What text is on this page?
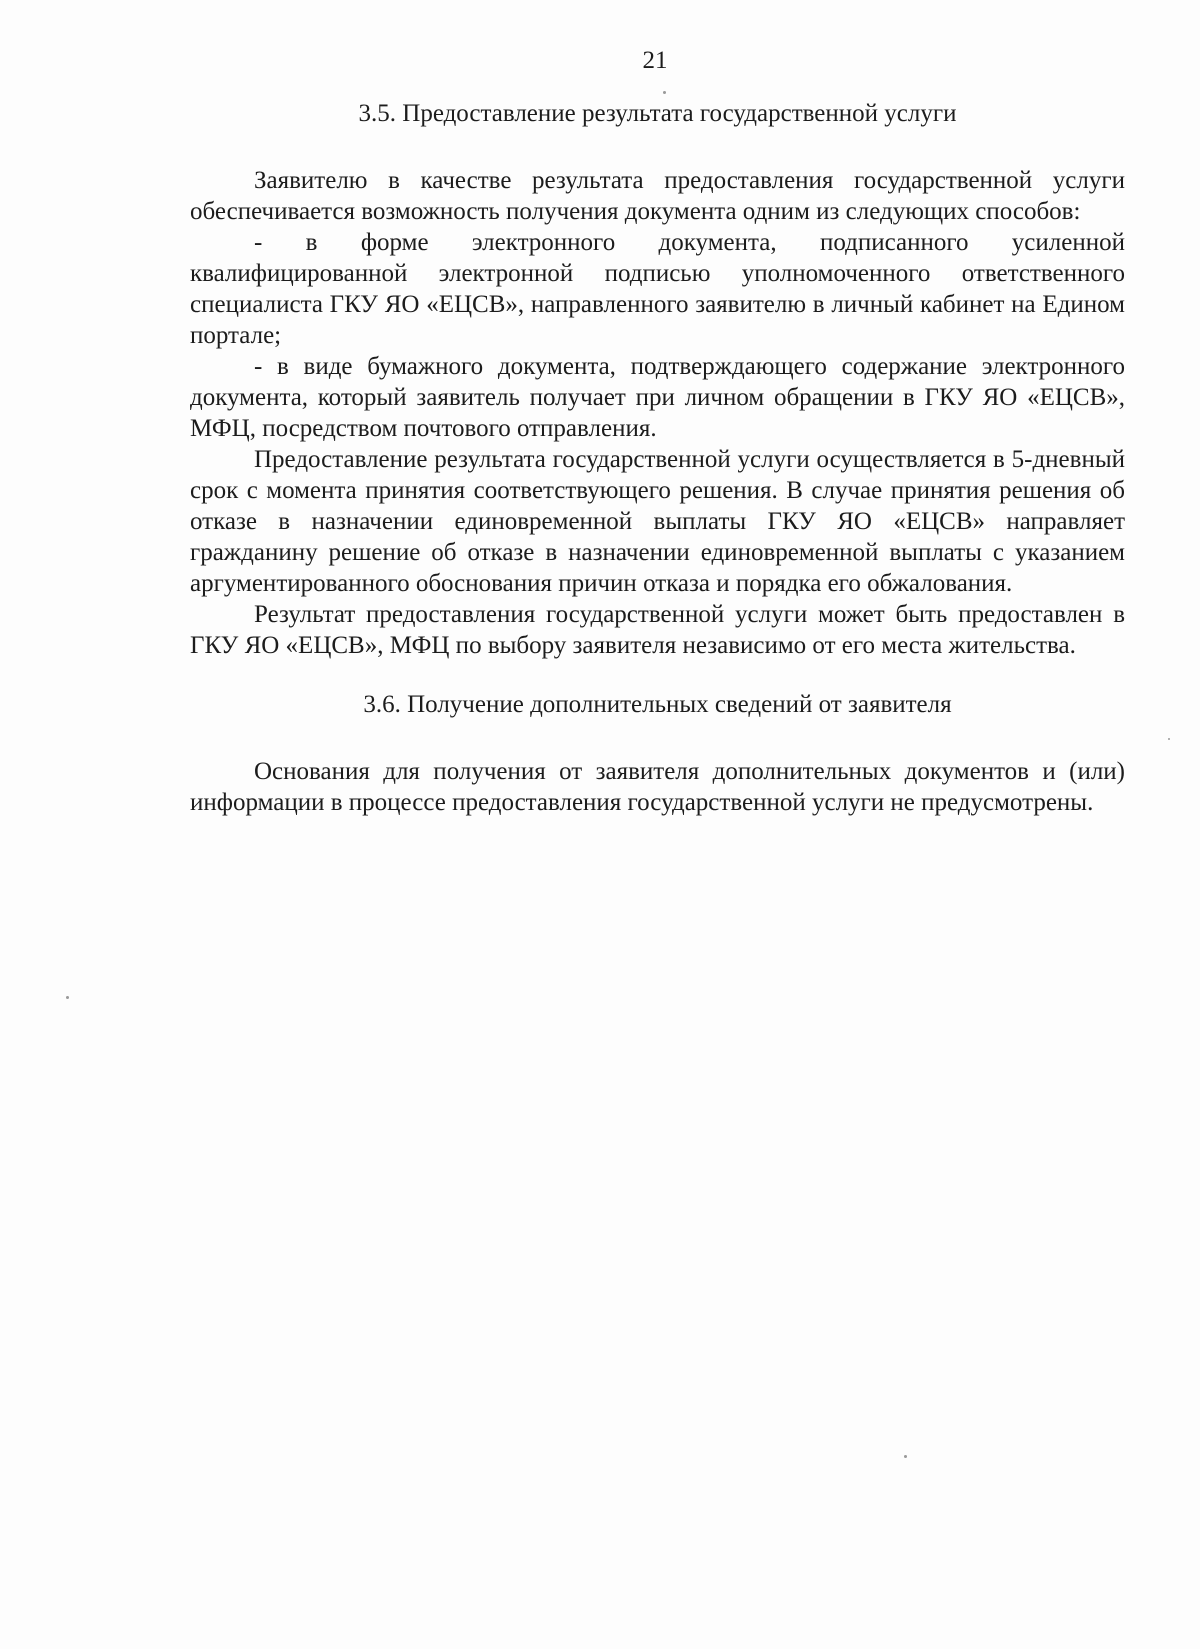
21
3.5. Предоставление результата государственной услуги

Заявителю в качестве результата предоставления государственной услуги обеспечивается возможность получения документа одним из следующих способов:

- в форме электронного документа, подписанного усиленной квалифицированной электронной подписью уполномоченного ответственного специалиста ГКУ ЯО «ЕЦСВ», направленного заявителю в личный кабинет на Едином портале;

- в виде бумажного документа, подтверждающего содержание электронного документа, который заявитель получает при личном обращении в ГКУ ЯО «ЕЦСВ», МФЦ, посредством почтового отправления.

Предоставление результата государственной услуги осуществляется в 5-дневный срок с момента принятия соответствующего решения. В случае принятия решения об отказе в назначении единовременной выплаты ГКУ ЯО «ЕЦСВ» направляет гражданину решение об отказе в назначении единовременной выплаты с указанием аргументированного обоснования причин отказа и порядка его обжалования.

Результат предоставления государственной услуги может быть предоставлен в ГКУ ЯО «ЕЦСВ», МФЦ по выбору заявителя независимо от его места жительства.

3.6. Получение дополнительных сведений от заявителя

Основания для получения от заявителя дополнительных документов и (или) информации в процессе предоставления государственной услуги не предусмотрены.
